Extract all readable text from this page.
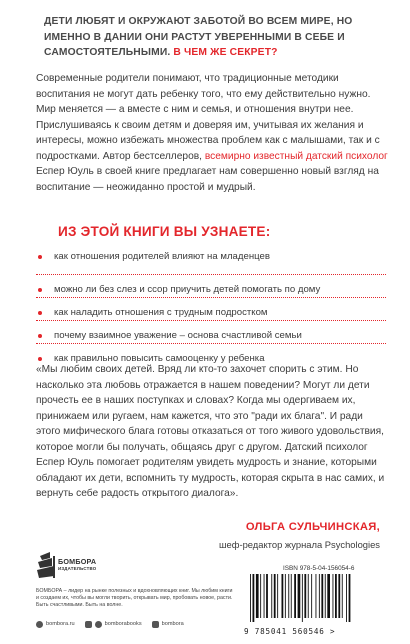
ДЕТИ ЛЮБЯТ И ОКРУЖАЮТ ЗАБОТОЙ ВО ВСЕМ МИРЕ, НО ИМЕННО В ДАНИИ ОНИ РАСТУТ УВЕРЕННЫМИ В СЕБЕ И САМОСТОЯТЕЛЬНЫМИ. В ЧЕМ ЖЕ СЕКРЕТ?
Современные родители понимают, что традиционные методики воспитания не могут дать ребенку того, что ему действительно нужно. Мир меняется — а вместе с ним и семья, и отношения внутри нее. Прислушиваясь к своим детям и доверяя им, учитывая их желания и интересы, можно избежать множества проблем как с малышами, так и с подростками. Автор бестселлеров, всемирно известный датский психолог Еспер Юуль в своей книге предлагает нам совершенно новый взгляд на воспитание — неожиданно простой и мудрый.
ИЗ ЭТОЙ КНИГИ ВЫ УЗНАЕТЕ:
как отношения родителей влияют на младенцев
можно ли без слез и ссор приучить детей помогать по дому
как наладить отношения с трудным подростком
почему взаимное уважение – основа счастливой семьи
как правильно повысить самооценку у ребенка
«Мы любим своих детей. Вряд ли кто-то захочет спорить с этим. Но насколько эта любовь отражается в нашем поведении? Могут ли дети прочесть ее в наших поступках и словах? Когда мы одергиваем их, принижаем или ругаем, нам кажется, что это "ради их блага". И ради этого мифического блага готовы отказаться от того живого удовольствия, которое могли бы получать, общаясь друг с другом. Датский психолог Еспер Юуль помогает родителям увидеть мудрость и знание, которыми обладают их дети, вспомнить ту мудрость, которая скрыта в нас самих, и вернуть себе радость открытого диалога».
ОЛЬГА СУЛЬЧИНСКАЯ,
шеф-редактор журнала Psychologies
БОМБОРА
ИЗДАТЕЛЬСТВО
БОМБОРА – лидер на рынке полезных и вдохновляющих книг. Мы любим книги и создаем их, чтобы вы могли творить, открывать мир, пробовать новое, расти. Быть счастливыми. Быть на волне.
bombora.ru	bomborabooks	bombora
ISBN 978-5-04-156054-6
9 785041 560546 >
